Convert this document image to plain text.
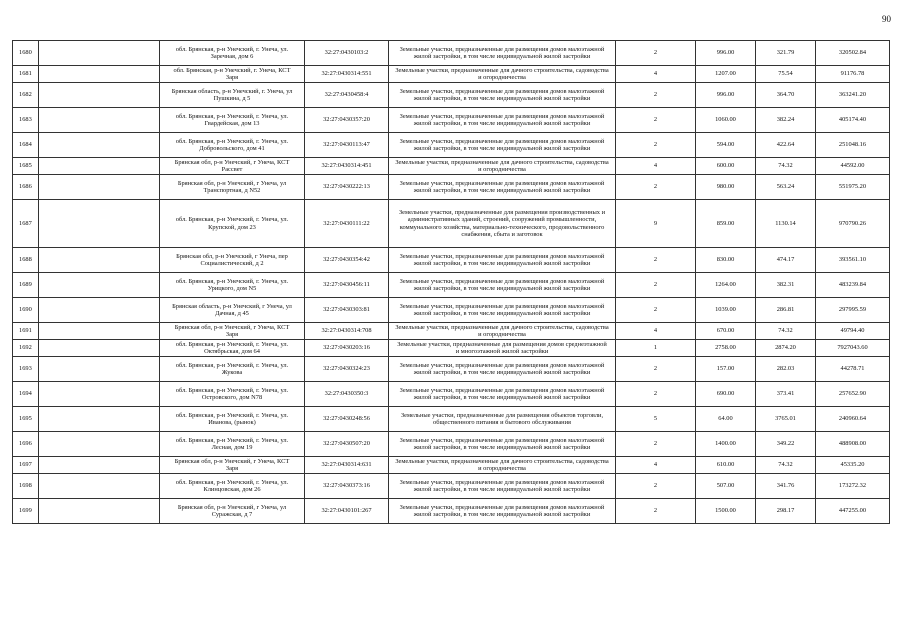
90
1680		обл. Брянская, р-н Унечский, г. Унеча, ул. Заречная, дом 6	32:27:0430103:2	Земельные участки, предназначенные для размещения домов малоэтажной жилой застройки, в том числе индивидуальной жилой застройки	2	996.00	321.79	320502.84
1681		обл. Брянская, р-н Унечский, г. Унеча, КСТ Заря	32:27:0430314:551	Земельные участки, предназначенные для дачного строительства, садоводства и огородничества	4	1207.00	75.54	91176.78
1682		Брянская область, р-н Унечский, г. Унеча, ул Пушкина, д 5	32:27:0430458:4	Земельные участки, предназначенные для размещения домов малоэтажной жилой застройки, в том числе индивидуальной жилой застройки	2	996.00	364.70	363241.20
1683		обл. Брянская, р-н Унечский, г. Унеча, ул. Гвардейская, дом 13	32:27:0430357:20	Земельные участки, предназначенные для размещения домов малоэтажной жилой застройки, в том числе индивидуальной жилой застройки	2	1060.00	382.24	405174.40
1684		обл. Брянская, р-н Унечский, г. Унеча, ул. Добровольского, дом 41	32:27:0430113:47	Земельные участки, предназначенные для размещения домов малоэтажной жилой застройки, в том числе индивидуальной жилой застройки	2	594.00	422.64	251048.16
1685		Брянская обл, р-н Унечский, г Унеча, КСТ Рассвет	32:27:0430314:451	Земельные участки, предназначенные для дачного строительства, садоводства и огородничества	4	600.00	74.32	44592.00
1686		Брянская обл, р-н Унечский, г Унеча, ул Транспортная, д N52	32:27:0430222:13	Земельные участки, предназначенные для размещения домов малоэтажной жилой застройки, в том числе индивидуальной жилой застройки	2	980.00	563.24	551975.20
1687		обл. Брянская, р-н Унечский, г. Унеча, ул. Крупской, дом 23	32:27:0430111:22	Земельные участки, предназначенные для размещения производственных и административных зданий, строений, сооружений промышленности, коммунального хозяйства, материально-технического, продовольственного снабжения, сбыта и заготовок	9	859.00	1130.14	970790.26
1688		Брянская обл, р-н Унечский, г Унеча, пер Социалистический, д 2	32:27:0430354:42	Земельные участки, предназначенные для размещения домов малоэтажной жилой застройки, в том числе индивидуальной жилой застройки	2	830.00	474.17	393561.10
1689		обл. Брянская, р-н Унечский, г. Унеча, ул. Урицкого, дом N5	32:27:0430456:11	Земельные участки, предназначенные для размещения домов малоэтажной жилой застройки, в том числе индивидуальной жилой застройки	2	1264.00	382.31	483239.84
1690		Брянская область, р-н Унечский, г Унеча, ул Дачная, д 45	32:27:0430303:81	Земельные участки, предназначенные для размещения домов малоэтажной жилой застройки, в том числе индивидуальной жилой застройки	2	1039.00	286.81	297995.59
1691		Брянская обл, р-н Унечский, г Унеча, КСТ Заря	32:27:0430314:708	Земельные участки, предназначенные для дачного строительства, садоводства и огородничества	4	670.00	74.32	49794.40
1692		обл. Брянская, р-н Унечский, г. Унеча, ул. Октябрьская, дом 64	32:27:0430203:16	Земельные участки, предназначенные для размещения домов среднеэтажной и многоэтажной жилой застройки	1	2758.00	2874.20	7927043.60
1693		обл. Брянская, р-н Унечский, г. Унеча, ул. Жукова	32:27:0430324:23	Земельные участки, предназначенные для размещения домов малоэтажной жилой застройки, в том числе индивидуальной жилой застройки	2	157.00	282.03	44278.71
1694		обл. Брянская, р-н Унечский, г. Унеча, ул. Островского, дом N78	32:27:0430350:3	Земельные участки, предназначенные для размещения домов малоэтажной жилой застройки, в том числе индивидуальной жилой застройки	2	690.00	373.41	257652.90
1695		обл. Брянская, р-н Унечский, г. Унеча, ул. Иванова, (рынок)	32:27:0430248:56	Земельные участки, предназначенные для размещения объектов торговли, общественного питания и бытового обслуживания	5	64.00	3765.01	240960.64
1696		обл. Брянская, р-н Унечский, г. Унеча, ул. Лесная, дом 19	32:27:0430507:20	Земельные участки, предназначенные для размещения домов малоэтажной жилой застройки, в том числе индивидуальной жилой застройки	2	1400.00	349.22	488908.00
1697		Брянская обл, р-н Унечский, г Унеча, КСТ Заря	32:27:0430314:631	Земельные участки, предназначенные для дачного строительства, садоводства и огородничества	4	610.00	74.32	45335.20
1698		обл. Брянская, р-н Унечский, г. Унеча, ул. Клинцовская, дом 26	32:27:0430373:16	Земельные участки, предназначенные для размещения домов малоэтажной жилой застройки, в том числе индивидуальной жилой застройки	2	507.00	341.76	173272.32
1699		Брянская обл, р-н Унечский, г Унеча, ул Суражская, д 7	32:27:0430101:267	Земельные участки, предназначенные для размещения домов малоэтажной жилой застройки, в том числе индивидуальной жилой застройки	2	1500.00	298.17	447255.00
